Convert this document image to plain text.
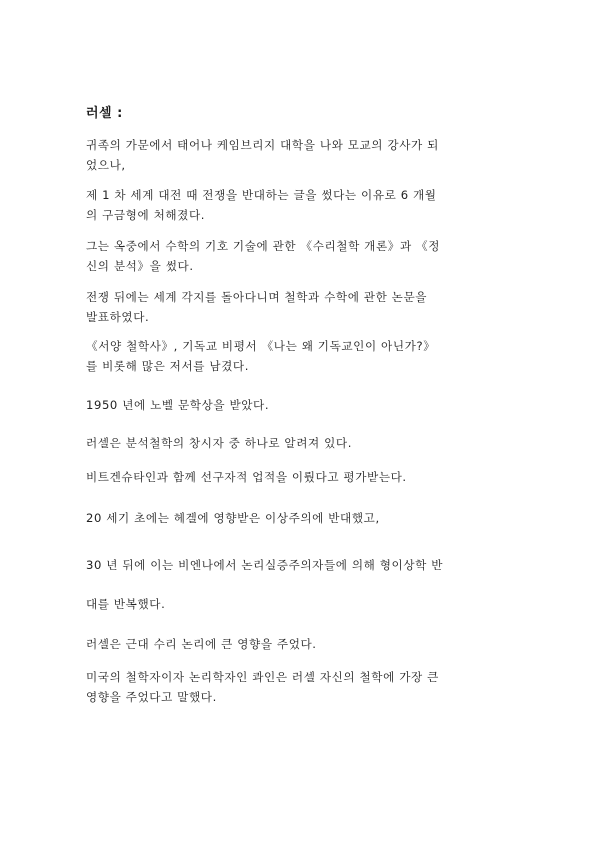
러셀 :
귀족의 가문에서 태어나 케임브리지 대학을 나와 모교의 강사가 되
었으나,
제 1 차 세계 대전 때 전쟁을 반대하는 글을 썼다는 이유로 6 개월
의 구금형에 처해졌다.
그는 옥중에서 수학의 기호 기술에 관한 《수리철학 개론》과 《정
신의 분석》을 썼다.
전쟁 뒤에는 세계 각지를 돌아다니며 철학과 수학에 관한 논문을
발표하였다.
《서양 철학사》, 기독교 비평서 《나는 왜 기독교인이 아닌가?》
를 비롯해 많은 저서를 남겼다.
1950 년에 노벨 문학상을 받았다.
러셀은 분석철학의 창시자 중 하나로 알려져 있다.
비트겐슈타인과 함께 선구자적 업적을 이뤘다고 평가받는다.
20 세기 초에는 헤겔에 영향받은 이상주의에 반대했고,
30 년 뒤에 이는 비엔나에서 논리실증주의자들에 의해 형이상학 반
대를 반복했다.
러셀은 근대 수리 논리에 큰 영향을 주었다.
미국의 철학자이자 논리학자인 콰인은 러셀 자신의 철학에 가장 큰
영향을 주었다고 말했다.
